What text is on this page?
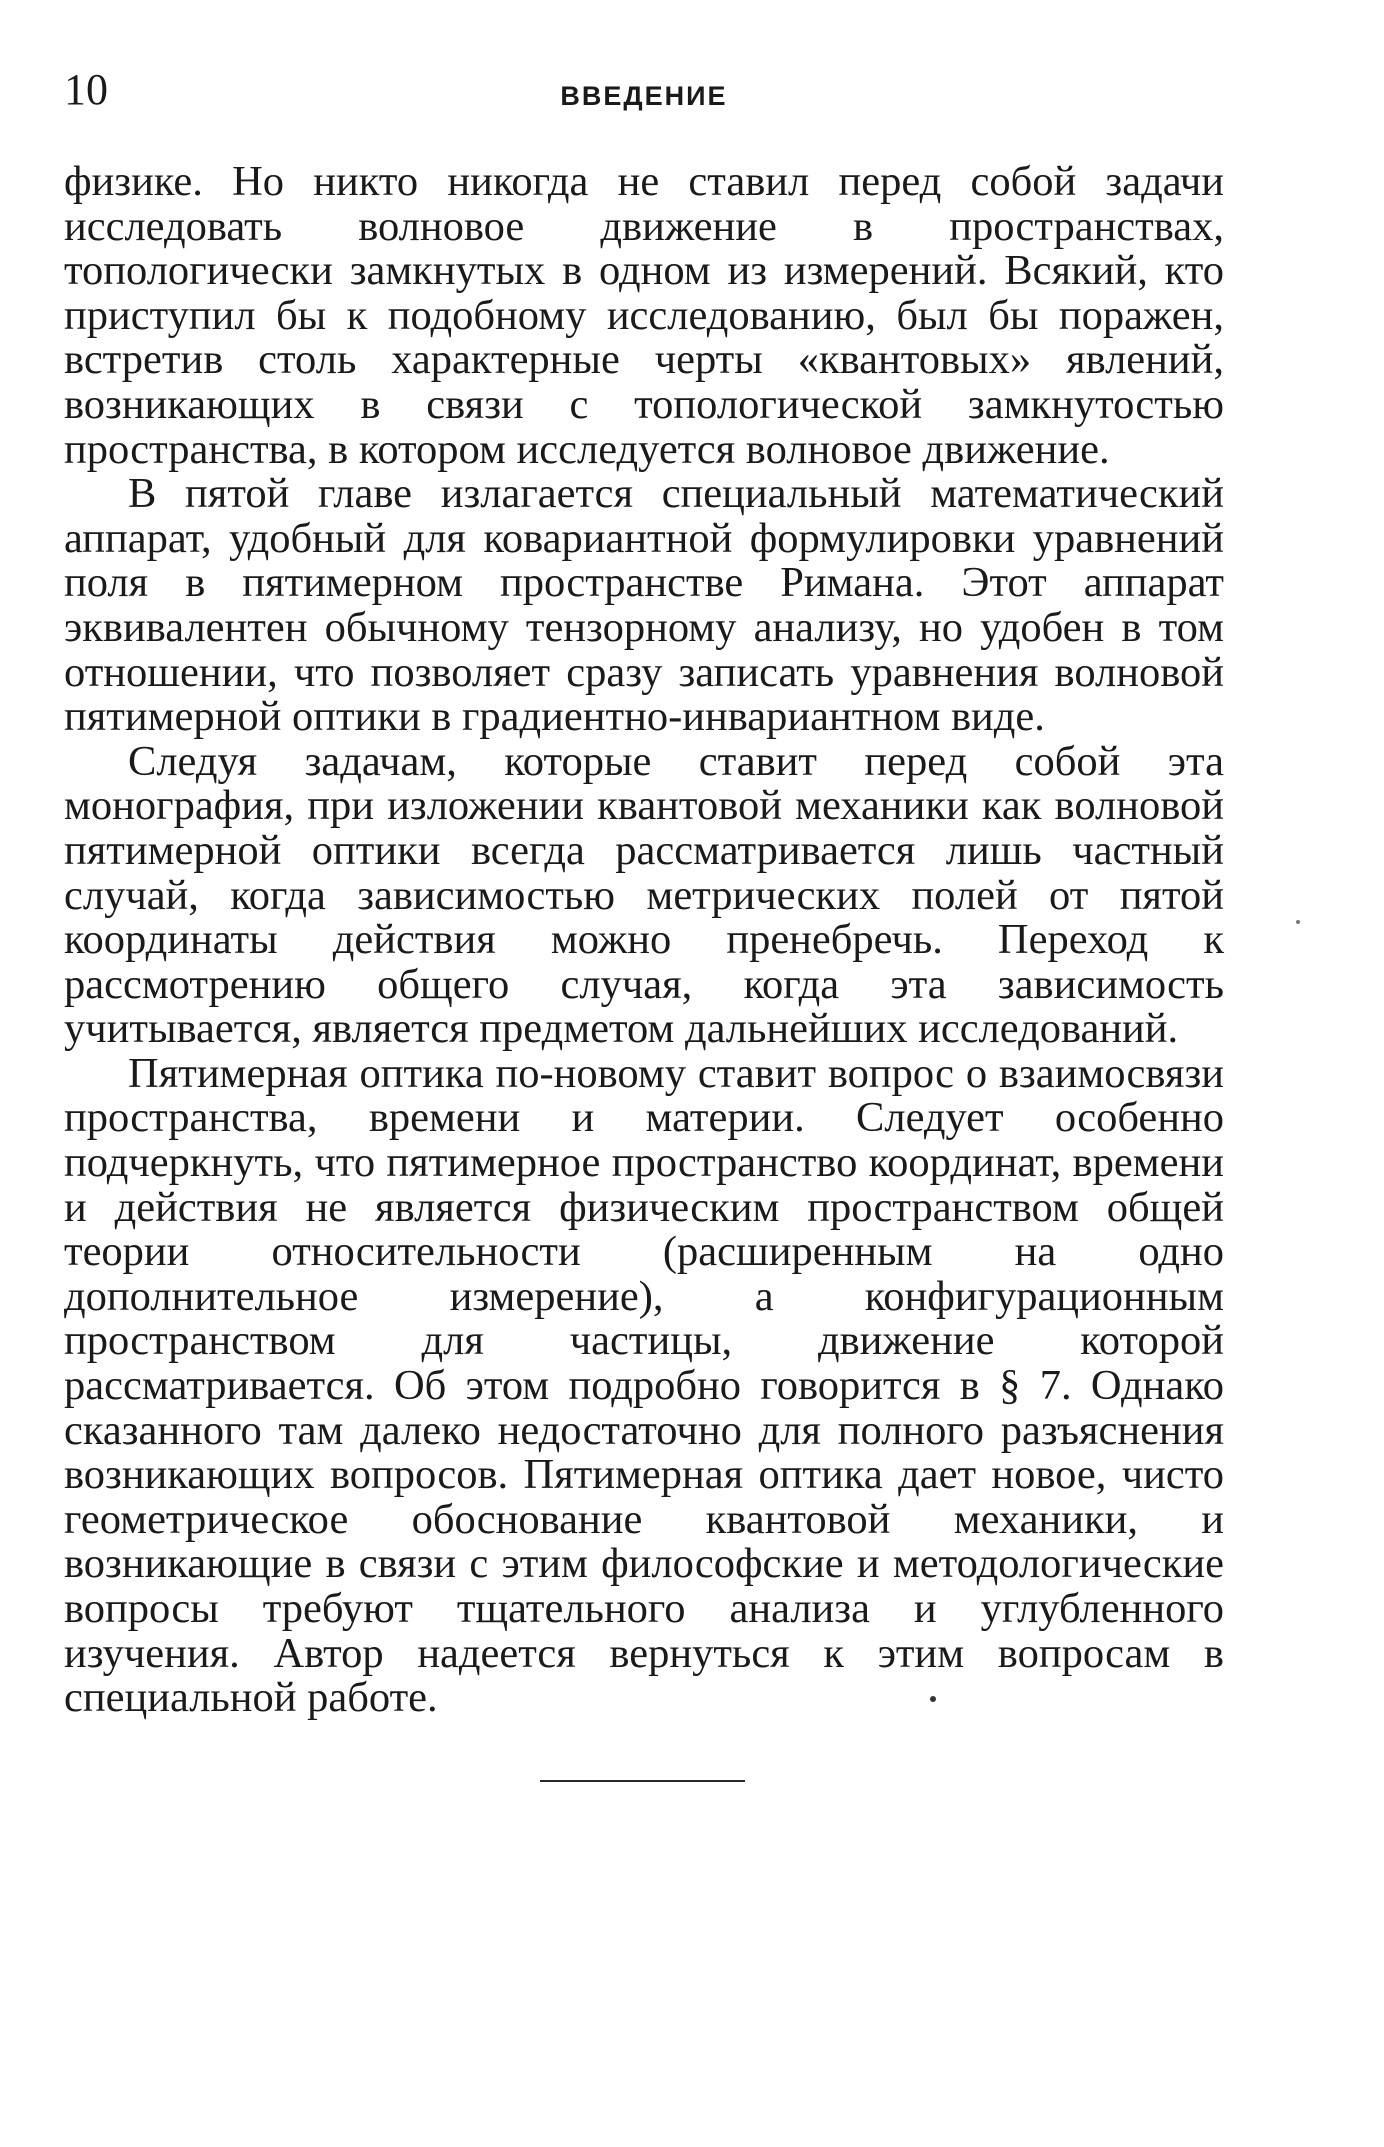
10	ВВЕДЕНИЕ

физике. Но никто никогда не ставил перед собой задачи исследовать волновое движение в пространствах, топологически замкнутых в одном из измерений. Всякий, кто приступил бы к подобному исследованию, был бы поражен, встретив столь характерные черты «квантовых» явлений, возникающих в связи с топологической замкнутостью пространства, в котором исследуется волновое движение.

В пятой главе излагается специальный математический аппарат, удобный для ковариантной формулировки уравнений поля в пятимерном пространстве Римана. Этот аппарат эквивалентен обычному тензорному анализу, но удобен в том отношении, что позволяет сразу записать уравнения волновой пятимерной оптики в градиентно-инвариантном виде.

Следуя задачам, которые ставит перед собой эта монография, при изложении квантовой механики как волновой пятимерной оптики всегда рассматривается лишь частный случай, когда зависимостью метрических полей от пятой координаты действия можно пренебречь. Переход к рассмотрению общего случая, когда эта зависимость учитывается, является предметом дальнейших исследований.

Пятимерная оптика по-новому ставит вопрос о взаимосвязи пространства, времени и материи. Следует особенно подчеркнуть, что пятимерное пространство координат, времени и действия не является физическим пространством общей теории относительности (расширенным на одно дополнительное измерение), а конфигурационным пространством для частицы, движение которой рассматривается. Об этом подробно говорится в § 7. Однако сказанного там далеко недостаточно для полного разъяснения возникающих вопросов. Пятимерная оптика дает новое, чисто геометрическое обоснование квантовой механики, и возникающие в связи с этим философские и методологические вопросы требуют тщательного анализа и углубленного изучения. Автор надеется вернуться к этим вопросам в специальной работе.
